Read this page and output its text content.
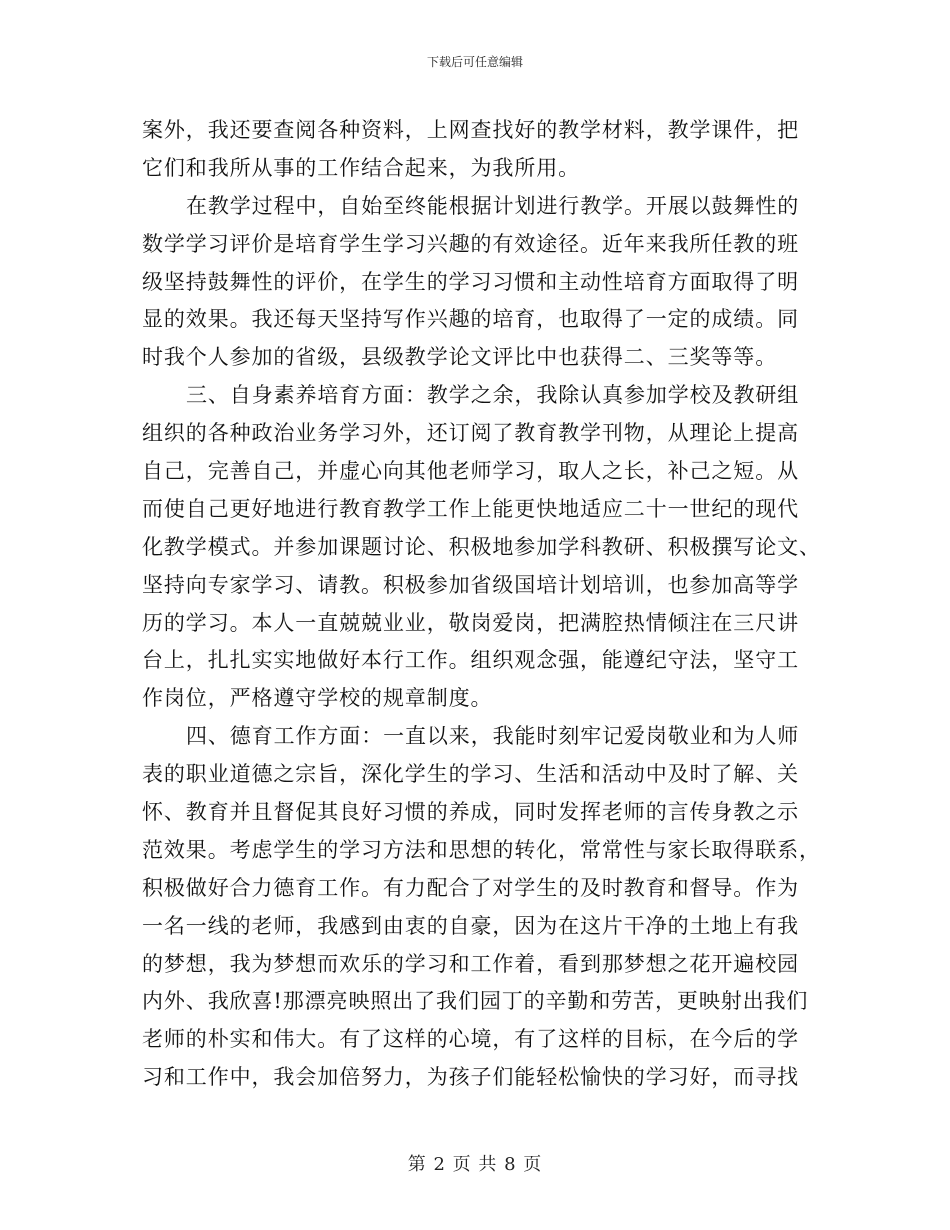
下载后可任意编辑
案外，我还要查阅各种资料，上网查找好的教学材料，教学课件，把
它们和我所从事的工作结合起来，为我所用。
在教学过程中，自始至终能根据计划进行教学。开展以鼓舞性的
数学学习评价是培育学生学习兴趣的有效途径。近年来我所任教的班
级坚持鼓舞性的评价，在学生的学习习惯和主动性培育方面取得了明
显的效果。我还每天坚持写作兴趣的培育，也取得了一定的成绩。同
时我个人参加的省级，县级教学论文评比中也获得二、三奖等等。
三、自身素养培育方面：教学之余，我除认真参加学校及教研组
组织的各种政治业务学习外，还订阅了教育教学刊物，从理论上提高
自己，完善自己，并虚心向其他老师学习，取人之长，补己之短。从
而使自己更好地进行教育教学工作上能更快地适应二十一世纪的现代
化教学模式。并参加课题讨论、积极地参加学科教研、积极撰写论文、
坚持向专家学习、请教。积极参加省级国培计划培训，也参加高等学
历的学习。本人一直兢兢业业，敬岗爱岗，把满腔热情倾注在三尺讲
台上，扎扎实实地做好本行工作。组织观念强，能遵纪守法，坚守工
作岗位，严格遵守学校的规章制度。
四、德育工作方面：一直以来，我能时刻牢记爱岗敬业和为人师
表的职业道德之宗旨，深化学生的学习、生活和活动中及时了解、关
怀、教育并且督促其良好习惯的养成，同时发挥老师的言传身教之示
范效果。考虑学生的学习方法和思想的转化，常常性与家长取得联系，
积极做好合力德育工作。有力配合了对学生的及时教育和督导。作为
一名一线的老师，我感到由衷的自豪，因为在这片干净的土地上有我
的梦想，我为梦想而欢乐的学习和工作着，看到那梦想之花开遍校园
内外、我欣喜!那漂亮映照出了我们园丁的辛勤和劳苦，更映射出我们
老师的朴实和伟大。有了这样的心境，有了这样的目标，在今后的学
习和工作中，我会加倍努力，为孩子们能轻松愉快的学习好，而寻找
第 2 页 共 8 页
